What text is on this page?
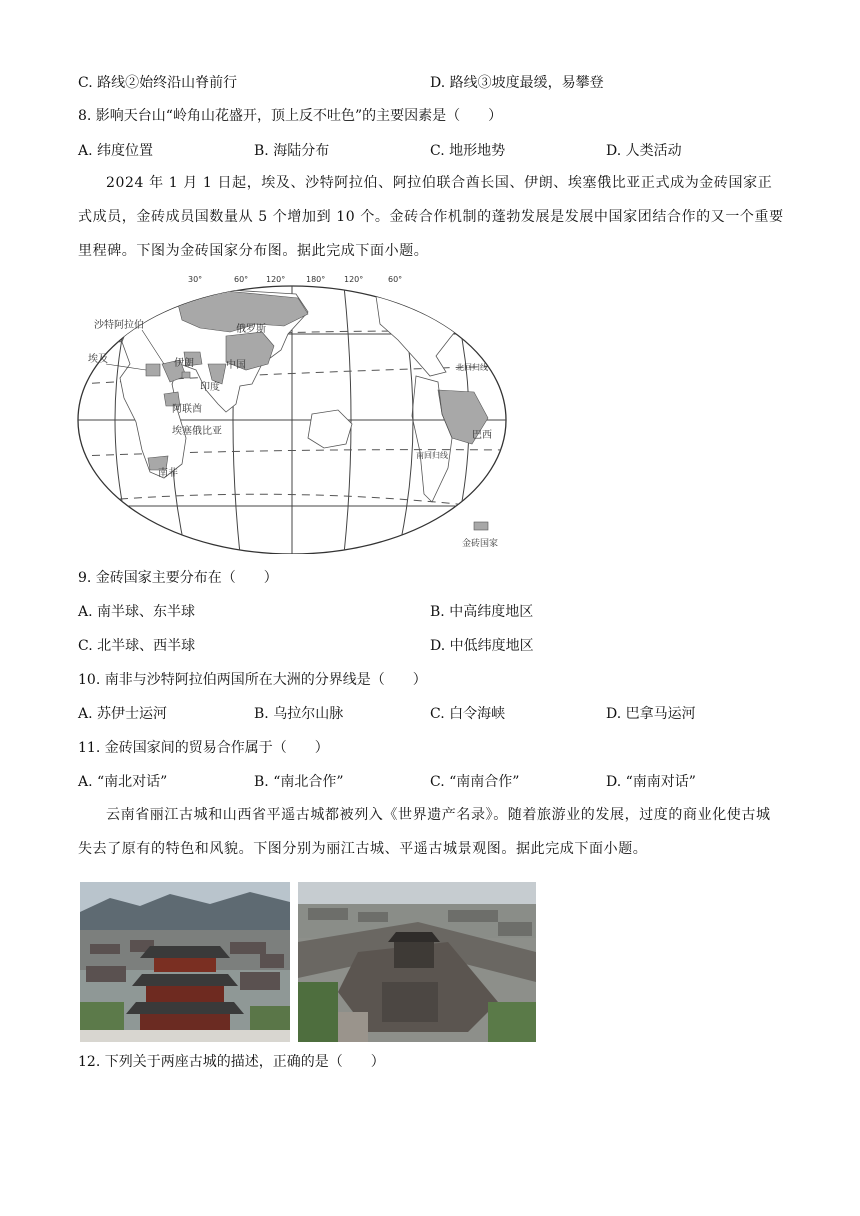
C. 路线②始终沿山脊前行	D. 路线③坡度最缓，易攀登
8. 影响天台山“岭角山花盛开，顶上反不吐色”的主要因素是（　　）
A. 纬度位置	B. 海陆分布	C. 地形地势	D. 人类活动

2024 年 1 月 1 日起，埃及、沙特阿拉伯、阿拉伯联合酋长国、伊朗、埃塞俄比亚正式成为金砖国家正式成员，金砖成员国数量从 5 个增加到 10 个。金砖合作机制的蓬勃发展是发展中国家团结合作的又一个重要里程碑。下图为金砖国家分布图。据此完成下面小题。

30°	60° 120°	180° 120°	60°
沙特阿拉伯	俄罗斯
埃及	伊朗	中国
印度
阿联酋
埃塞俄比亚	巴西
南非
北回归线
南回归线
金砖国家
9. 金砖国家主要分布在（　　）
A. 南半球、东半球	B. 中高纬度地区
C. 北半球、西半球	D. 中低纬度地区
10. 南非与沙特阿拉伯两国所在大洲的分界线是（　　）
A. 苏伊士运河	B. 乌拉尔山脉	C. 白令海峡	D. 巴拿马运河
11. 金砖国家间的贸易合作属于（　　）
A. “南北对话”	B. “南北合作”	C. “南南合作”	D. “南南对话”

云南省丽江古城和山西省平遥古城都被列入《世界遗产名录》。随着旅游业的发展，过度的商业化使古城失去了原有的特色和风貌。下图分别为丽江古城、平遥古城景观图。据此完成下面小题。

12. 下列关于两座古城的描述，正确的是（　　）
